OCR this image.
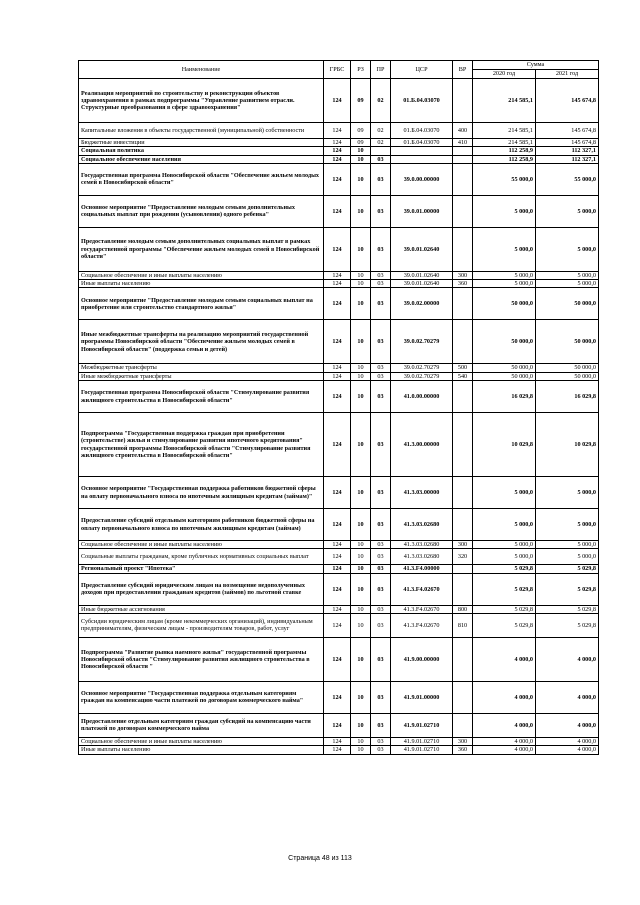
Наименование	ГРБС	РЗ	ПР	ЦСР	ВР	Сумма	
						2020 год	2021 год
Реализация мероприятий по строительству и реконструкции объектов здравоохранения в рамках подпрограммы "Управление развитием отрасли. Структурные преобразования в сфере здравоохранения"	124	09	02	01.Б.04.03070		214 585,1	145 674,8
Капитальные вложения в объекты государственной (муниципальной) собственности	124	09	02	01.Б.04.03070	400	214 585,1	145 674,8
Бюджетные инвестиции	124	09	02	01.Б.04.03070	410	214 585,1	145 674,8
Социальная политика	124	10				112 258,9	112 327,1
Социальное обеспечение населения	124	10	03			112 258,9	112 327,1
Государственная программа Новосибирской области "Обеспечение жильем молодых семей в Новосибирской области"	124	10	03	39.0.00.00000		55 000,0	55 000,0
Основное мероприятие "Предоставление молодым семьям дополнительных социальных выплат при рождении (усыновлении) одного ребенка"	124	10	03	39.0.01.00000		5 000,0	5 000,0
Предоставление молодым семьям дополнительных социальных выплат в рамках государственной программы "Обеспечение жильем молодых семей в Новосибирской области"	124	10	03	39.0.01.02640		5 000,0	5 000,0
Социальное обеспечение и иные выплаты населению	124	10	03	39.0.01.02640	300	5 000,0	5 000,0
Иные выплаты населению	124	10	03	39.0.01.02640	360	5 000,0	5 000,0
Основное мероприятие "Предоставление молодым семьям социальных выплат на приобретение или строительство стандартного жилья"	124	10	03	39.0.02.00000		50 000,0	50 000,0
Иные межбюджетные трансферты на реализацию мероприятий государственной программы Новосибирской области "Обеспечение жильем молодых семей в Новосибирской области" (поддержка семьи и детей)	124	10	03	39.0.02.70279		50 000,0	50 000,0
Межбюджетные трансферты	124	10	03	39.0.02.70279	500	50 000,0	50 000,0
Иные межбюджетные трансферты	124	10	03	39.0.02.70279	540	50 000,0	50 000,0
Государственная программа Новосибирской области "Стимулирование развития жилищного строительства в Новосибирской области"	124	10	03	41.0.00.00000		16 029,8	16 029,8
Подпрограмма "Государственная поддержка граждан при приобретении (строительстве) жилья и стимулирование развития ипотечного кредитования" государственной программы Новосибирской области "Стимулирование развития жилищного строительства в Новосибирской области"	124	10	03	41.3.00.00000		10 029,8	10 029,8
Основное мероприятие "Государственная поддержка работников бюджетной сферы на оплату первоначального взноса по ипотечным жилищным кредитам (займам)"	124	10	03	41.3.03.00000		5 000,0	5 000,0
Предоставление субсидий отдельным категориям работников бюджетной сферы на оплату первоначального взноса по ипотечным жилищным кредитам (займам)	124	10	03	41.3.03.02680		5 000,0	5 000,0
Социальное обеспечение и иные выплаты населению	124	10	03	41.3.03.02680	300	5 000,0	5 000,0
Социальные выплаты гражданам, кроме публичных нормативных социальных выплат	124	10	03	41.3.03.02680	320	5 000,0	5 000,0
Региональный проект "Ипотека"	124	10	03	41.3.F4.00000		5 029,8	5 029,8
Предоставление субсидий юридическим лицам на возмещение недополученных доходов при предоставлении гражданам кредитов (займов) по льготной ставке	124	10	03	41.3.F4.02670		5 029,8	5 029,8
Иные бюджетные ассигнования	124	10	03	41.3.F4.02670	800	5 029,8	5 029,8
Субсидии юридическим лицам (кроме некоммерческих организаций), индивидуальным предпринимателям, физическим лицам - производителям товаров, работ, услуг	124	10	03	41.3.F4.02670	810	5 029,8	5 029,8
Подпрограмма "Развитие рынка наемного жилья" государственной программы Новосибирской области "Стимулирование развития жилищного строительства в Новосибирской области "	124	10	03	41.9.00.00000		4 000,0	4 000,0
Основное мероприятие "Государственная поддержка отдельным категориям граждан на компенсацию части платежей по договорам коммерческого найма"	124	10	03	41.9.01.00000		4 000,0	4 000,0
Предоставление отдельным категориям граждан субсидий на компенсацию части платежей по договорам коммерческого найма	124	10	03	41.9.01.02710		4 000,0	4 000,0
Социальное обеспечение и иные выплаты населению	124	10	03	41.9.01.02710	300	4 000,0	4 000,0
Иные выплаты населению	124	10	03	41.9.01.02710	360	4 000,0	4 000,0
Страница 48 из 113
